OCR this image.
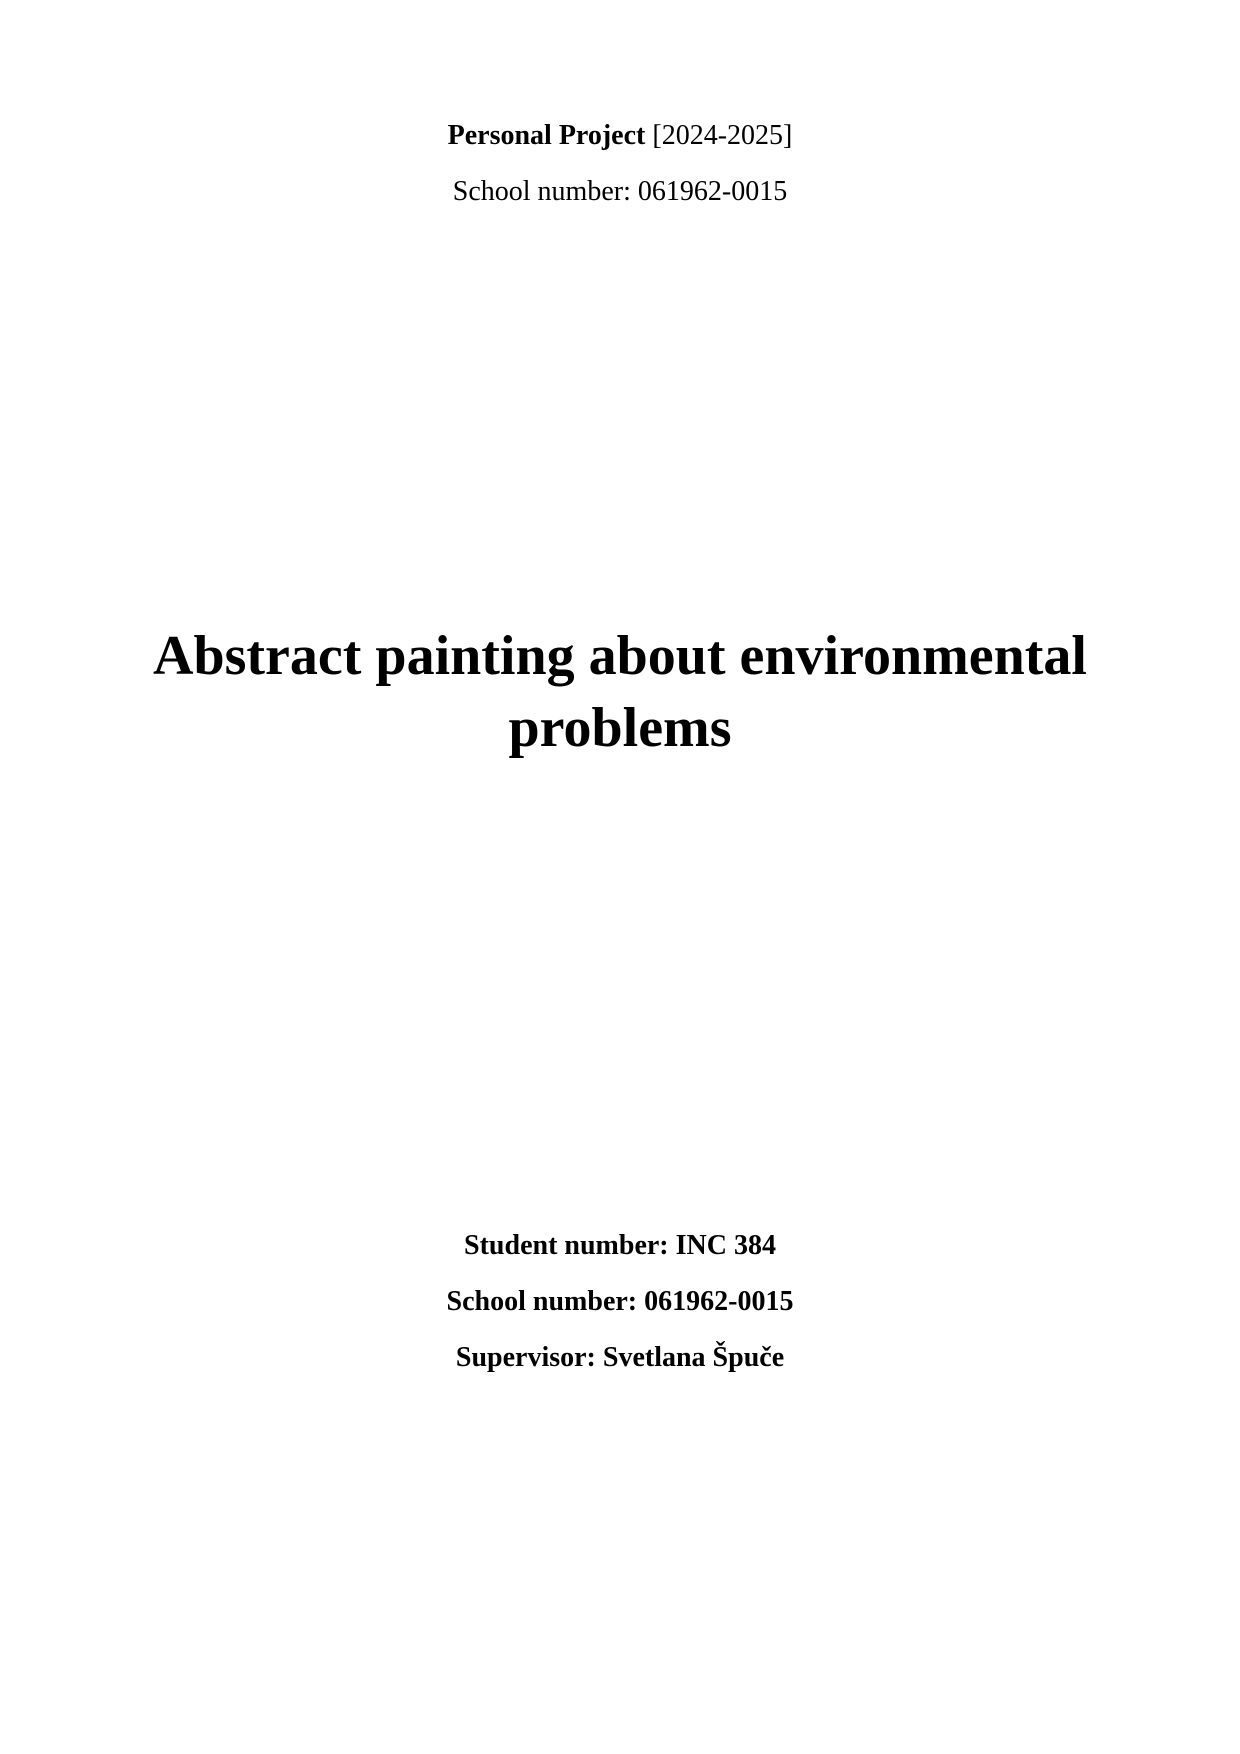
Personal Project [2024-2025]
School number: 061962-0015
Abstract painting about environmental
problems
Student number: INC 384
School number: 061962-0015
Supervisor: Svetlana Špuče
